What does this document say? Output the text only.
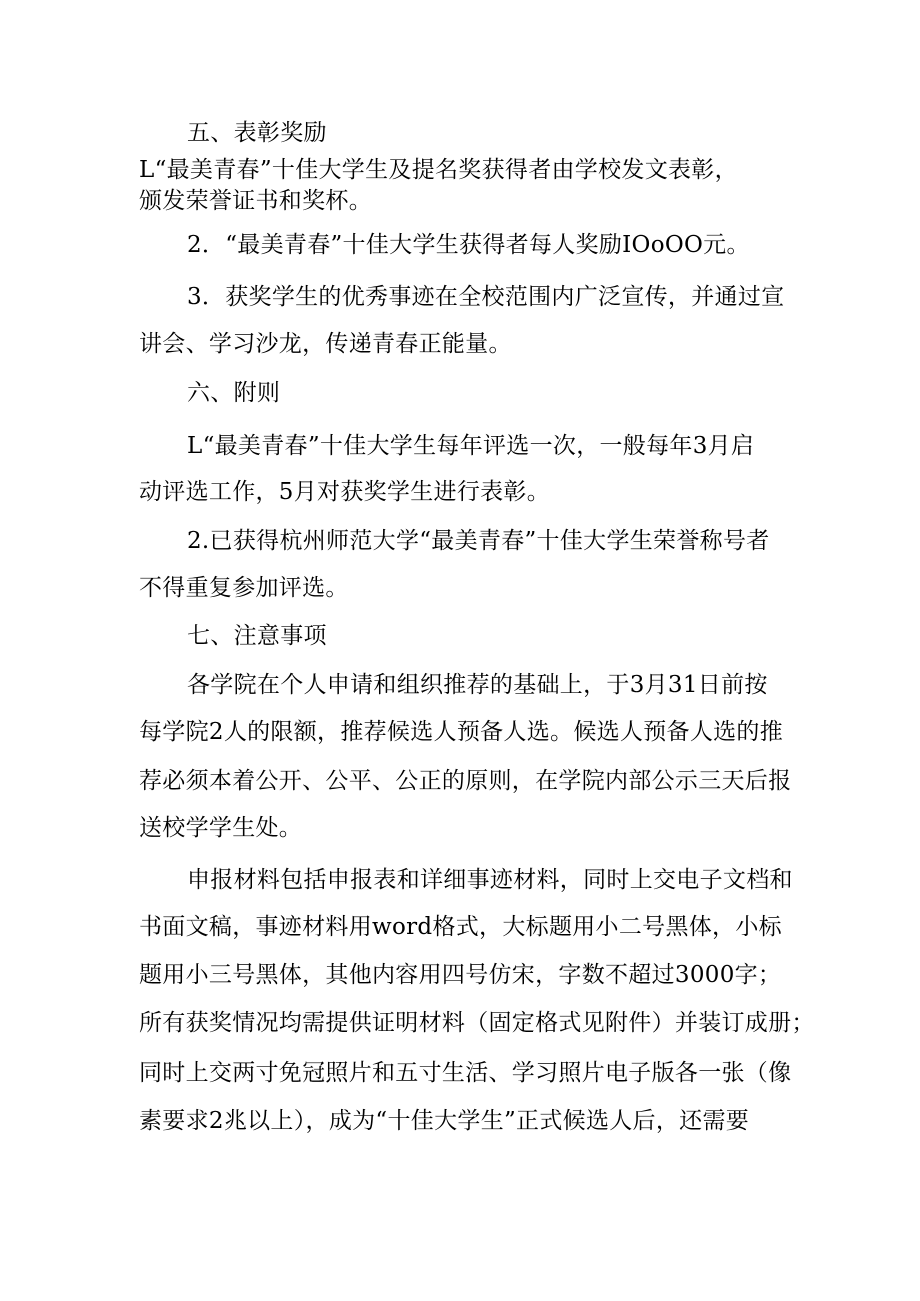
五、表彰奖励
L“最美青春”十佳大学生及提名奖获得者由学校发文表彰，
颁发荣誉证书和奖杯。
2．“最美青春”十佳大学生获得者每人奖励IOoOO元。
3．获奖学生的优秀事迹在全校范围内广泛宣传，并通过宣
讲会、学习沙龙，传递青春正能量。
六、附则
L“最美青春”十佳大学生每年评选一次，一般每年3月启
动评选工作，5月对获奖学生进行表彰。
2.已获得杭州师范大学“最美青春”十佳大学生荣誉称号者
不得重复参加评选。
七、注意事项
各学院在个人申请和组织推荐的基础上，于3月31日前按
每学院2人的限额，推荐候选人预备人选。候选人预备人选的推
荐必须本着公开、公平、公正的原则，在学院内部公示三天后报
送校学学生处。
申报材料包括申报表和详细事迹材料，同时上交电子文档和
书面文稿，事迹材料用word格式，大标题用小二号黑体，小标
题用小三号黑体，其他内容用四号仿宋，字数不超过3000字；
所有获奖情况均需提供证明材料（固定格式见附件）并装订成册；
同时上交两寸免冠照片和五寸生活、学习照片电子版各一张（像
素要求2兆以上），成为“十佳大学生”正式候选人后，还需要
